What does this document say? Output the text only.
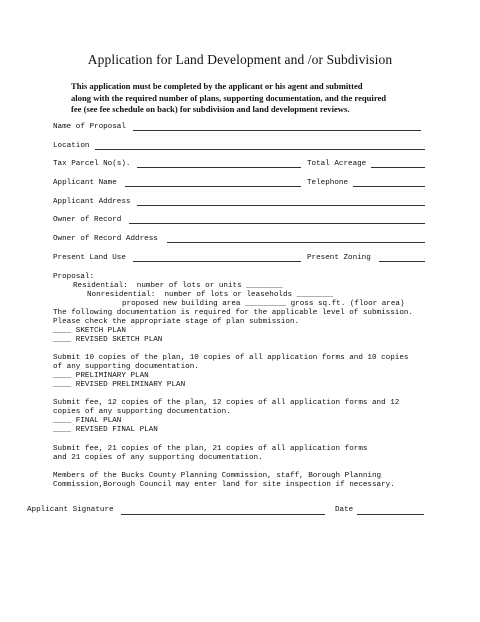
Application for Land Development and /or Subdivision
This application must be completed by the applicant or his agent and submitted
along with the required number of plans, supporting documentation, and the required
fee (see fee schedule on back) for subdivision and land development reviews.
Name of Proposal
Location
Tax Parcel No(s).	Total Acreage
Applicant Name	Telephone
Applicant Address
Owner of Record
Owner of Record Address
Present Land Use	Present Zoning
Proposal:
Residential:  number of lots or units ________
Nonresidential:  number of lots or leaseholds ________
proposed new building area _________ gross sq.ft. (floor area)
The following documentation is required for the applicable level of submission.
Please check the appropriate stage of plan submission.
____ SKETCH PLAN
____ REVISED SKETCH PLAN
Submit 10 copies of the plan, 10 copies of all application forms and 10 copies
of any supporting documentation.
____ PRELIMINARY PLAN
____ REVISED PRELIMINARY PLAN
Submit fee, 12 copies of the plan, 12 copies of all application forms and 12
copies of any supporting documentation.
____ FINAL PLAN
____ REVISED FINAL PLAN
Submit fee, 21 copies of the plan, 21 copies of all application forms
and 21 copies of any supporting documentation.
Members of the Bucks County Planning Commission, staff, Borough Planning
Commission,Borough Council may enter land for site inspection if necessary.
Applicant Signature	Date
